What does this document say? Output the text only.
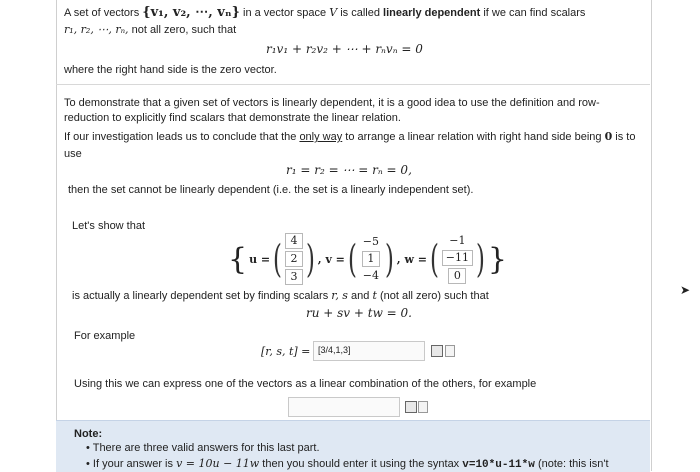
A set of vectors {v₁, v₂, ⋯, vₙ} in a vector space V is called linearly dependent if we can find scalars
r₁, r₂, ⋯, rₙ, not all zero, such that
r₁v₁ + r₂v₂ + ⋯ + rₙvₙ = 0
where the right hand side is the zero vector.
To demonstrate that a given set of vectors is linearly dependent, it is a good idea to use the definition and row-
reduction to explicitly find scalars that demonstrate the linear relation.
If our investigation leads us to conclude that the only way to arrange a linear relation with right hand side being 0 is to
use
r₁ = r₂ = ⋯ = rₙ = 0,
then the set cannot be linearly dependent (i.e. the set is a linearly independent set).
Let's show that
{ u = ( 4
2
3 ) , v = ( −5
1
−4 ) , w = ( −1
−11
0 ) }
is actually a linearly dependent set by finding scalars r, s and t (not all zero) such that
ru + sv + tw = 0.
For example
[r, s, t] = [3/4,1,3]
Using this we can express one of the vectors as a linear combination of the others, for example
Note:
• There are three valid answers for this last part.
• If your answer is v = 10u − 11w then you should enter it using the syntax v=10*u-11*w (note: this isn't
➤
